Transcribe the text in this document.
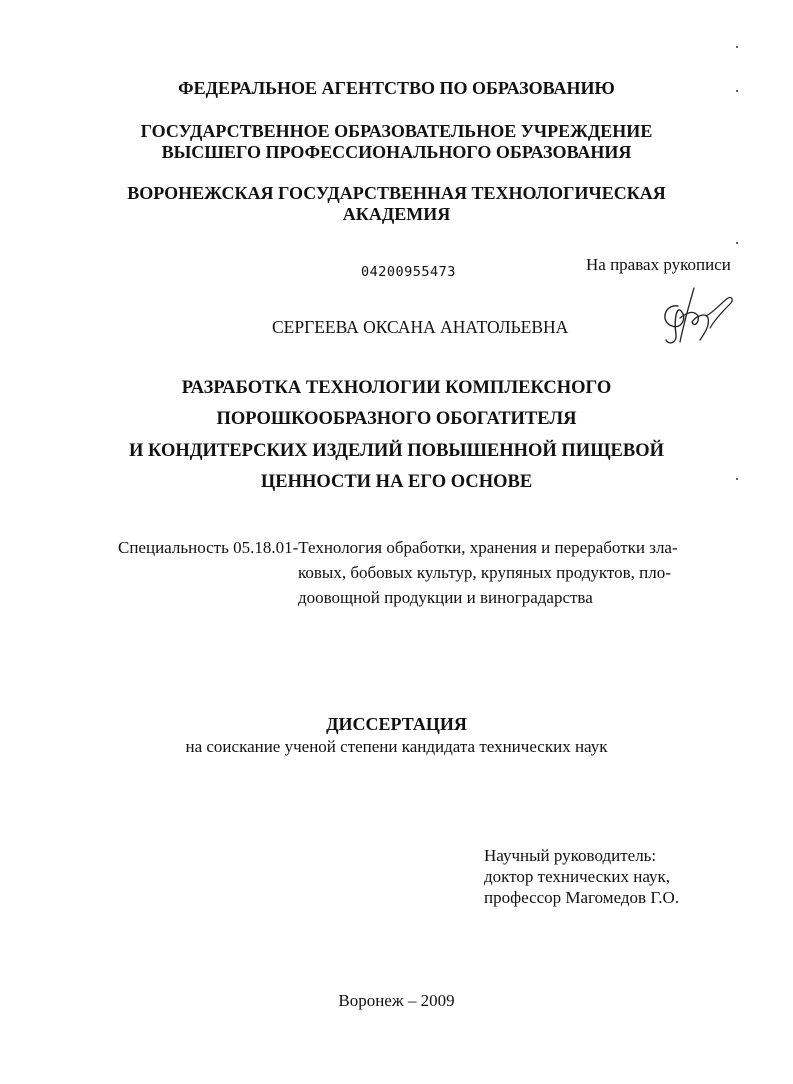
ФЕДЕРАЛЬНОЕ АГЕНТСТВО ПО ОБРАЗОВАНИЮ
ГОСУДАРСТВЕННОЕ ОБРАЗОВАТЕЛЬНОЕ УЧРЕЖДЕНИЕ
ВЫСШЕГО ПРОФЕССИОНАЛЬНОГО ОБРАЗОВАНИЯ
ВОРОНЕЖСКАЯ ГОСУДАРСТВЕННАЯ ТЕХНОЛОГИЧЕСКАЯ
АКАДЕМИЯ
04200955473	На правах рукописи
СЕРГЕЕВА ОКСАНА АНАТОЛЬЕВНА
РАЗРАБОТКА ТЕХНОЛОГИИ КОМПЛЕКСНОГО
ПОРОШКООБРАЗНОГО ОБОГАТИТЕЛЯ
И КОНДИТЕРСКИХ ИЗДЕЛИЙ ПОВЫШЕННОЙ ПИЩЕВОЙ
ЦЕННОСТИ НА ЕГО ОСНОВЕ
Специальность 05.18.01-Технология обработки, хранения и переработки зла-
ковых, бобовых культур, крупяных продуктов, пло-
доовощной продукции и виноградарства
ДИССЕРТАЦИЯ
на соискание ученой степени кандидата технических наук
Научный руководитель:
доктор технических наук,
профессор Магомедов Г.О.
Воронеж – 2009
